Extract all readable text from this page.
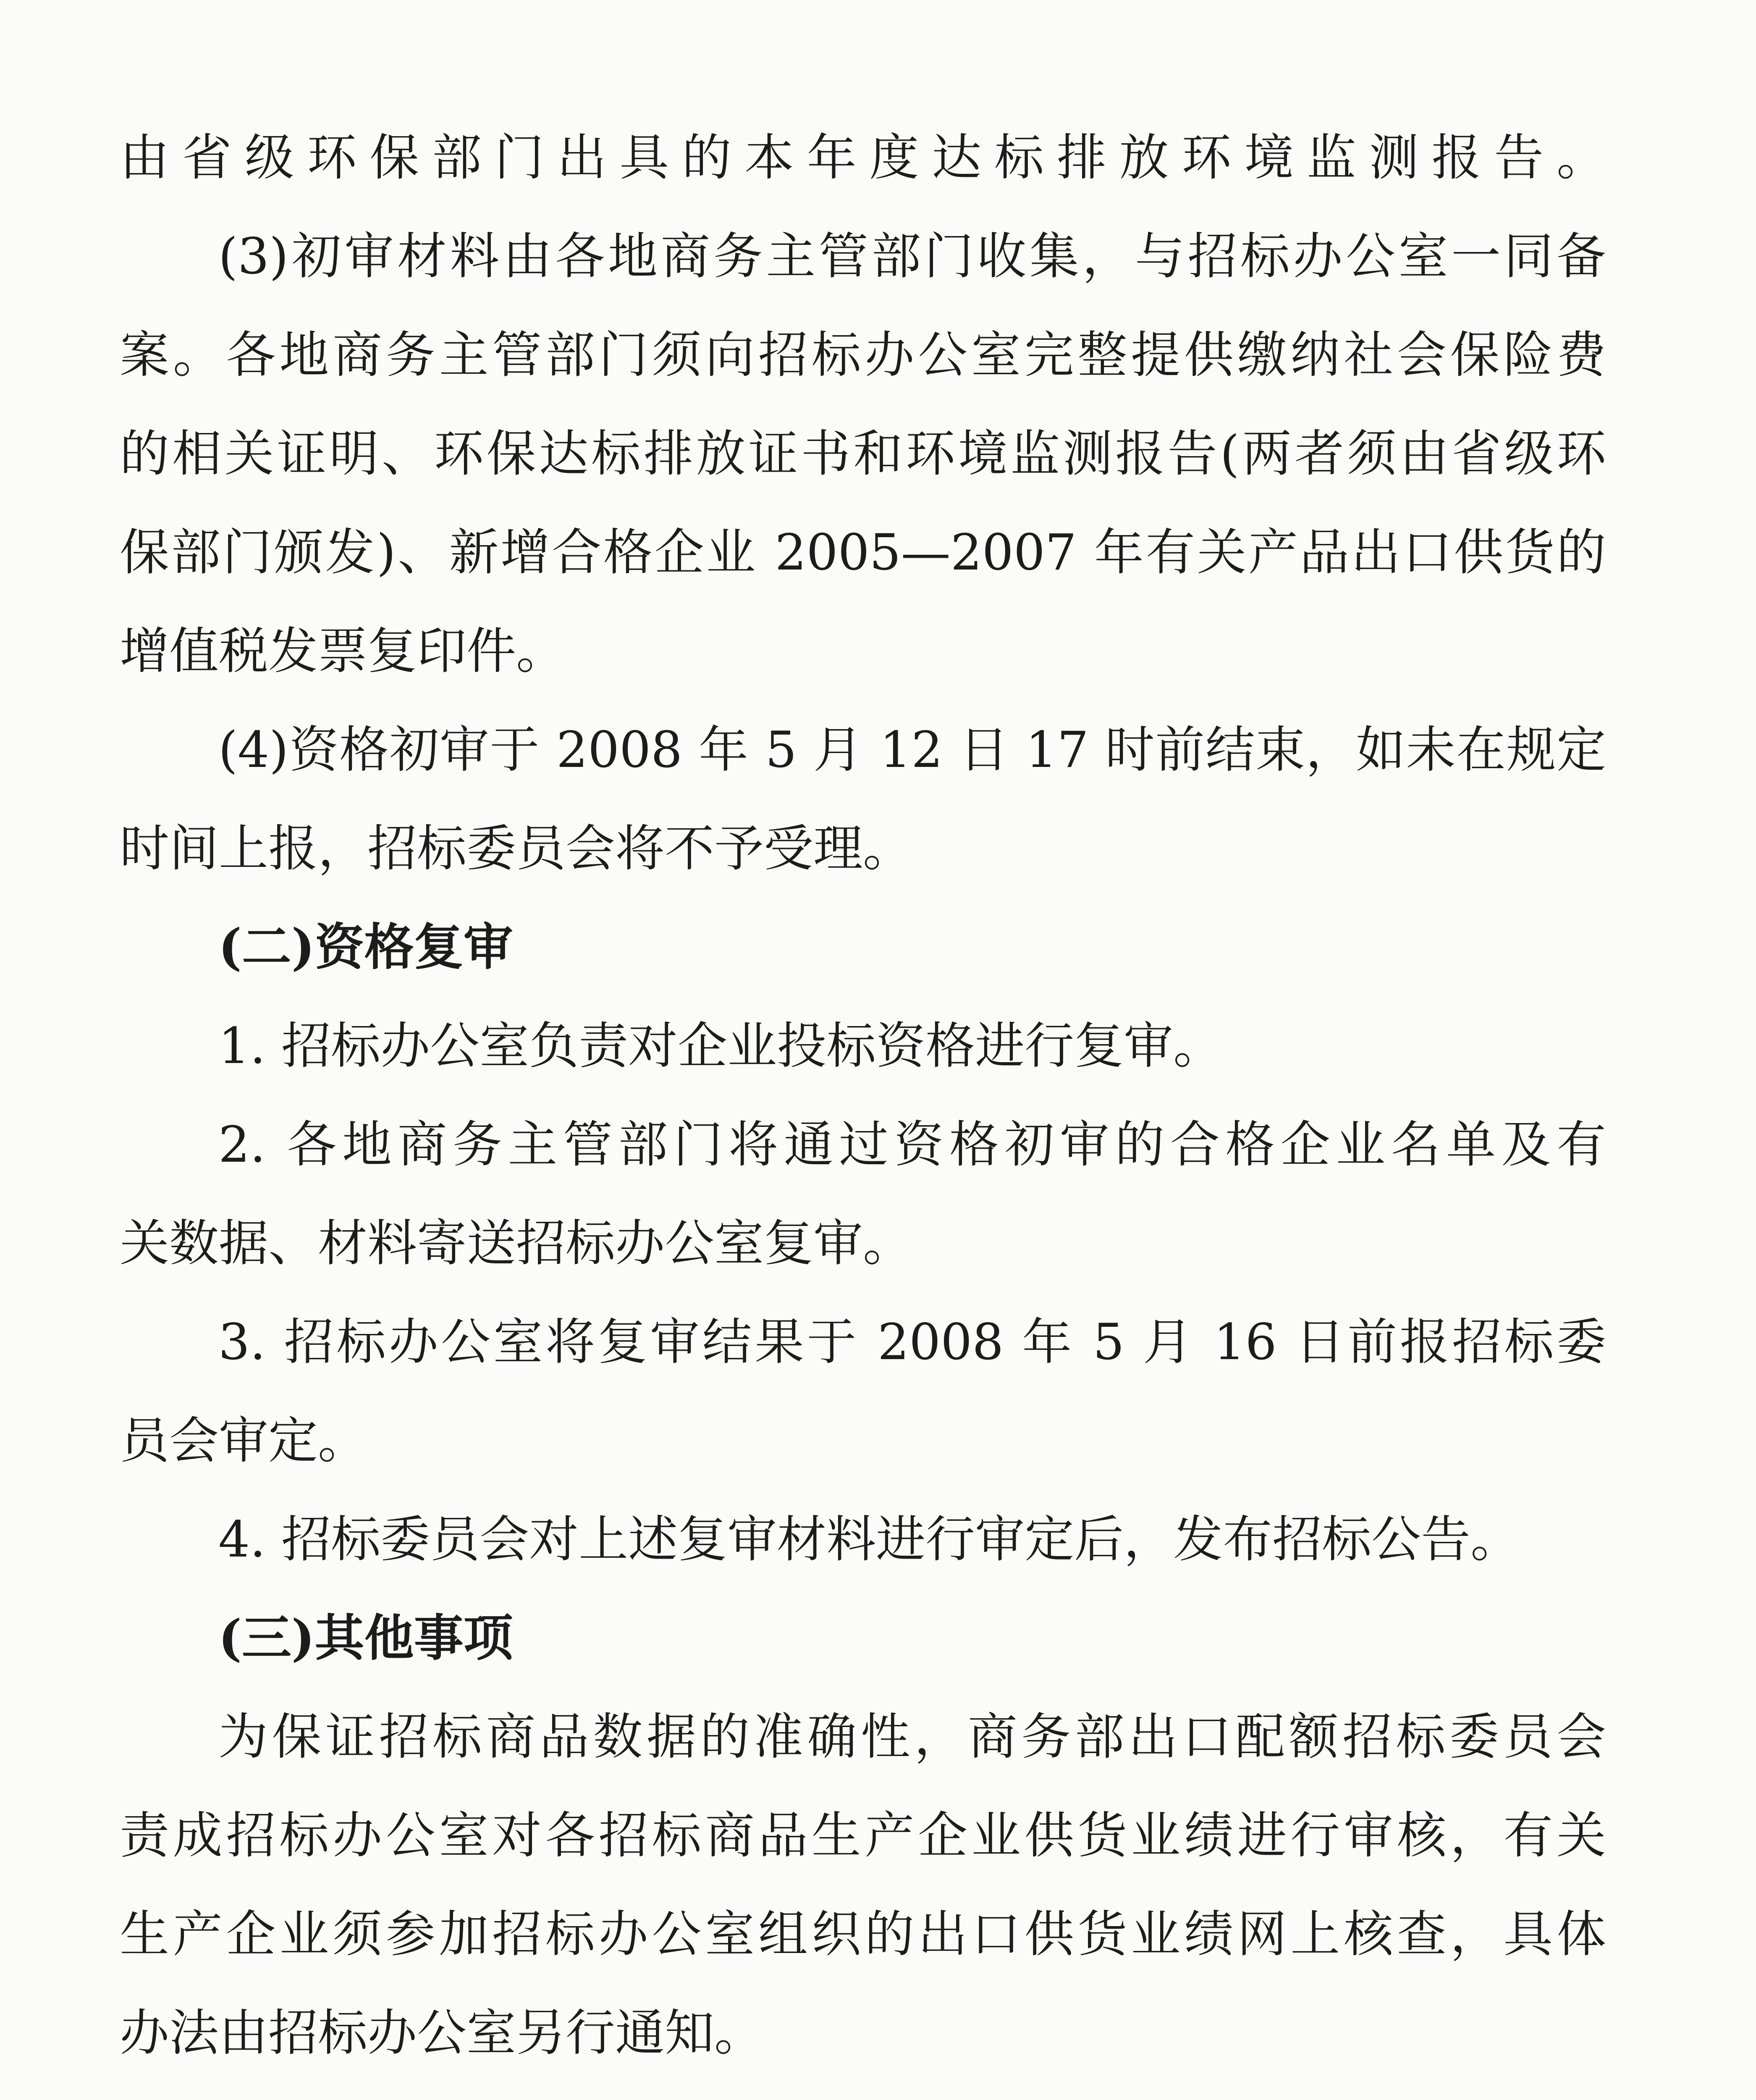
由省级环保部门出具的本年度达标排放环境监测报告。
(3)初审材料由各地商务主管部门收集，与招标办公室一同备
案。各地商务主管部门须向招标办公室完整提供缴纳社会保险费
的相关证明、环保达标排放证书和环境监测报告(两者须由省级环
保部门颁发)、新增合格企业 2005—2007 年有关产品出口供货的
增值税发票复印件。
(4)资格初审于 2008 年 5 月 12 日 17 时前结束，如未在规定
时间上报，招标委员会将不予受理。
(二)资格复审
1. 招标办公室负责对企业投标资格进行复审。
2. 各地商务主管部门将通过资格初审的合格企业名单及有
关数据、材料寄送招标办公室复审。
3. 招标办公室将复审结果于 2008 年 5 月 16 日前报招标委
员会审定。
4. 招标委员会对上述复审材料进行审定后，发布招标公告。
(三)其他事项
为保证招标商品数据的准确性，商务部出口配额招标委员会
责成招标办公室对各招标商品生产企业供货业绩进行审核，有关
生产企业须参加招标办公室组织的出口供货业绩网上核查，具体
办法由招标办公室另行通知。
